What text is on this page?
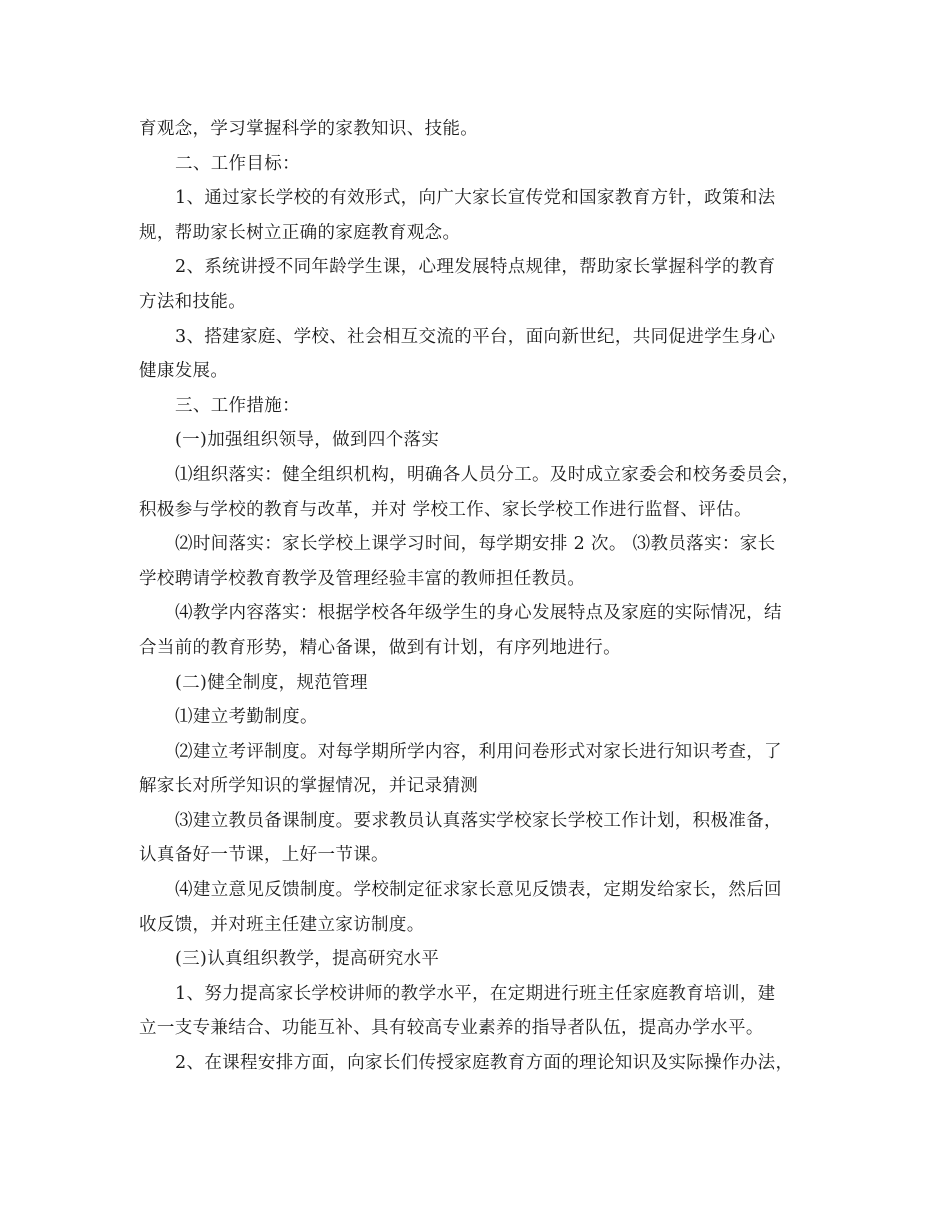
育观念，学习掌握科学的家教知识、技能。

二、工作目标：

1、通过家长学校的有效形式，向广大家长宣传党和国家教育方针，政策和法

规，帮助家长树立正确的家庭教育观念。

2、系统讲授不同年龄学生课，心理发展特点规律，帮助家长掌握科学的教育

方法和技能。

3、搭建家庭、学校、社会相互交流的平台，面向新世纪，共同促进学生身心

健康发展。

三、工作措施：

(一)加强组织领导，做到四个落实

⑴组织落实：健全组织机构，明确各人员分工。及时成立家委会和校务委员会，

积极参与学校的教育与改革，并对 学校工作、家长学校工作进行监督、评估。

⑵时间落实：家长学校上课学习时间，每学期安排 2 次。 ⑶教员落实：家长

学校聘请学校教育教学及管理经验丰富的教师担任教员。

⑷教学内容落实：根据学校各年级学生的身心发展特点及家庭的实际情况，结

合当前的教育形势，精心备课，做到有计划，有序列地进行。

(二)健全制度，规范管理

⑴建立考勤制度。

⑵建立考评制度。对每学期所学内容，利用问卷形式对家长进行知识考查，了

解家长对所学知识的掌握情况，并记录猜测

⑶建立教员备课制度。要求教员认真落实学校家长学校工作计划，积极准备，

认真备好一节课，上好一节课。

⑷建立意见反馈制度。学校制定征求家长意见反馈表，定期发给家长，然后回

收反馈，并对班主任建立家访制度。

(三)认真组织教学，提高研究水平

1、努力提高家长学校讲师的教学水平，在定期进行班主任家庭教育培训，建

立一支专兼结合、功能互补、具有较高专业素养的指导者队伍，提高办学水平。

2、在课程安排方面，向家长们传授家庭教育方面的理论知识及实际操作办法，
